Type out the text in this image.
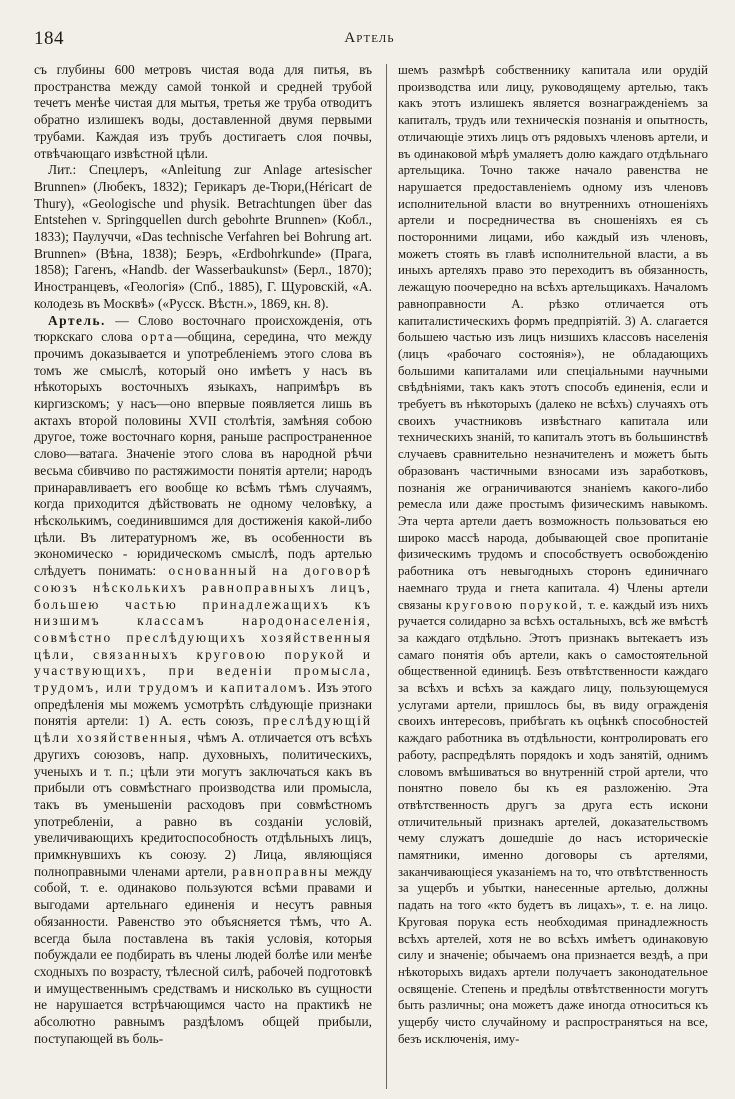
184	Артель

съ глубины 600 метровъ чистая вода для питья, въ пространства между самой тонкой и средней трубой течетъ менѣе чистая для мытья, третья же труба отводитъ обратно излишекъ воды, доставленной двумя первыми трубами. Каждая изъ трубъ достигаетъ слоя почвы, отвѣчающаго извѣстной цѣли.

Лит.: Спецлеръ, «Anleitung zur Anlage artesischer Brunnen» (Любекъ, 1832); Герикаръ де-Тюри,(Héricart de Thury), «Geologische und physik. Betrachtungen über das Entstehen v. Springquellen durch gebohrte Brunnen» (Кобл., 1833); Паулуччи, «Das technische Verfahren bei Bohrung art. Brunnen» (Вѣна, 1838); Беэръ, «Erdbohrkunde» (Прага, 1858); Гагенъ, «Handb. der Wasserbaukunst» (Берл., 1870); Иностранцевъ, «Геологія» (Спб., 1885), Г. Щуровскій, «А. колодезь въ Москвѣ» («Русск. Вѣстн.», 1869, кн. 8).

Артель. — Слово восточнаго происхожденія, отъ тюркскаго слова орта—община, середина, что между прочимъ доказывается и употребленіемъ этого слова въ томъ же смыслѣ, который оно имѣетъ у насъ въ нѣкоторыхъ восточныхъ языкахъ, напримѣръ въ киргизскомъ; у насъ—оно впервые появляется лишь въ актахъ второй половины XVII столѣтія, замѣняя собою другое, тоже восточнаго корня, раньше распространенное слово—ватага. Значеніе этого слова въ народной рѣчи весьма сбивчиво по растяжимости понятія артели; народъ принаравливаетъ его вообще ко всѣмъ тѣмъ случаямъ, когда приходится дѣйствовать не одному человѣку, а нѣсколькимъ, соединившимся для достиженія какой-либо цѣли. Въ литературномъ же, въ особенности въ экономическо - юридическомъ смыслѣ, подъ артелью слѣдуетъ понимать: основанный на договорѣ союзъ нѣсколькихъ равноправныхъ лицъ, большею частью принадлежащихъ къ низшимъ классамъ народонаселенія, совмѣстно преслѣдующихъ хозяйственныя цѣли, связанныхъ круговою порукой и участвующихъ, при веденіи промысла, трудомъ, или трудомъ и капиталомъ. Изъ этого опредѣленія мы можемъ усмотрѣть слѣдующіе признаки понятія артели: 1) А. есть союзъ, преслѣдующій цѣли хозяйственныя, чѣмъ А. отличается отъ всѣхъ другихъ союзовъ, напр. духовныхъ, политическихъ, ученыхъ и т. п.; цѣли эти могутъ заключаться какъ въ прибыли отъ совмѣстнаго производства или промысла, такъ въ уменьшеніи расходовъ при совмѣстномъ употребленіи, а равно въ созданіи условій, увеличивающихъ кредитоспособность отдѣльныхъ лицъ, примкнувшихъ къ союзу. 2) Лица, являющіяся полноправными членами артели, равноправны между собой, т. е. одинаково пользуются всѣми правами и выгодами артельнаго единенія и несутъ равныя обязанности. Равенство это объясняется тѣмъ, что А. всегда была поставлена въ такія условія, которыя побуждали ее подбирать въ члены людей болѣе или менѣе сходныхъ по возрасту, тѣлесной силѣ, рабочей подготовкѣ и имущественнымъ средствамъ и нисколько въ сущности не нарушается встрѣчающимся часто на практикѣ не абсолютно равнымъ раздѣломъ общей прибыли, поступающей въ боль-

шемъ размѣрѣ собственнику капитала или орудій производства или лицу, руководящему артелью, такъ какъ этотъ излишекъ является вознагражденіемъ за капиталъ, трудъ или техническія познанія и опытность, отличающіе этихъ лицъ отъ рядовыхъ членовъ артели, и въ одинаковой мѣрѣ умаляетъ долю каждаго отдѣльнаго артельщика. Точно также начало равенства не нарушается предоставленіемъ одному изъ членовъ исполнительной власти во внутреннихъ отношеніяхъ артели и посредничества въ сношеніяхъ ея съ посторонними лицами, ибо каждый изъ членовъ, можетъ стоять въ главѣ исполнительной власти, а въ иныхъ артеляхъ право это переходитъ въ обязанность, лежащую поочередно на всѣхъ артельщикахъ. Началомъ равноправности А. рѣзко отличается отъ капиталистическихъ формъ предпріятій. 3) А. слагается большею частью изъ лицъ низшихъ классовъ населенія (лицъ «рабочаго состоянія»), не обладающихъ большими капиталами или спеціальными научными свѣдѣніями, такъ какъ этотъ способъ единенія, если и требуетъ въ нѣкоторыхъ (далеко не всѣхъ) случаяхъ отъ своихъ участниковъ извѣстнаго капитала или техническихъ знаній, то капиталъ этотъ въ большинствѣ случаевъ сравнительно незначителенъ и можетъ быть образованъ частичными взносами изъ заработковъ, познанія же ограничиваются знаніемъ какого-либо ремесла или даже простымъ физическимъ навыкомъ. Эта черта артели даетъ возможность пользоваться ею широко массѣ народа, добывающей свое пропитаніе физическимъ трудомъ и способствуетъ освобожденію работника отъ невыгодныхъ сторонъ единичнаго наемнаго труда и гнета капитала. 4) Члены артели связаны круговою порукой, т. е. каждый изъ нихъ ручается солидарно за всѣхъ остальныхъ, всѣ же вмѣстѣ за каждаго отдѣльно. Этотъ признакъ вытекаетъ изъ самаго понятія объ артели, какъ о самостоятельной общественной единицѣ. Безъ отвѣтственности каждаго за всѣхъ и всѣхъ за каждаго лицу, пользующемуся услугами артели, пришлось бы, въ виду огражденія своихъ интересовъ, прибѣгать къ оцѣнкѣ способностей каждаго работника въ отдѣльности, контролировать его работу, распредѣлять порядокъ и ходъ занятій, однимъ словомъ вмѣшиваться во внутренній строй артели, что понятно повело бы къ ея разложенію. Эта отвѣтственность другъ за друга есть искони отличительный признакъ артелей, доказательствомъ чему служатъ дошедшіе до насъ историческіе памятники, именно договоры съ артелями, заканчивающіеся указаніемъ на то, что отвѣтственность за ущербъ и убытки, нанесенные артелью, должны падать на того «кто будетъ въ лицахъ», т. е. на лицо. Круговая порука есть необходимая принадлежность всѣхъ артелей, хотя не во всѣхъ имѣетъ одинаковую силу и значеніе; обычаемъ она признается вездѣ, а при нѣкоторыхъ видахъ артели получаетъ законодательное освященіе. Степень и предѣлы отвѣтственности могутъ быть различны; она можетъ даже иногда относиться къ ущербу чисто случайному и распространяться на все, безъ исключенія, иму-
